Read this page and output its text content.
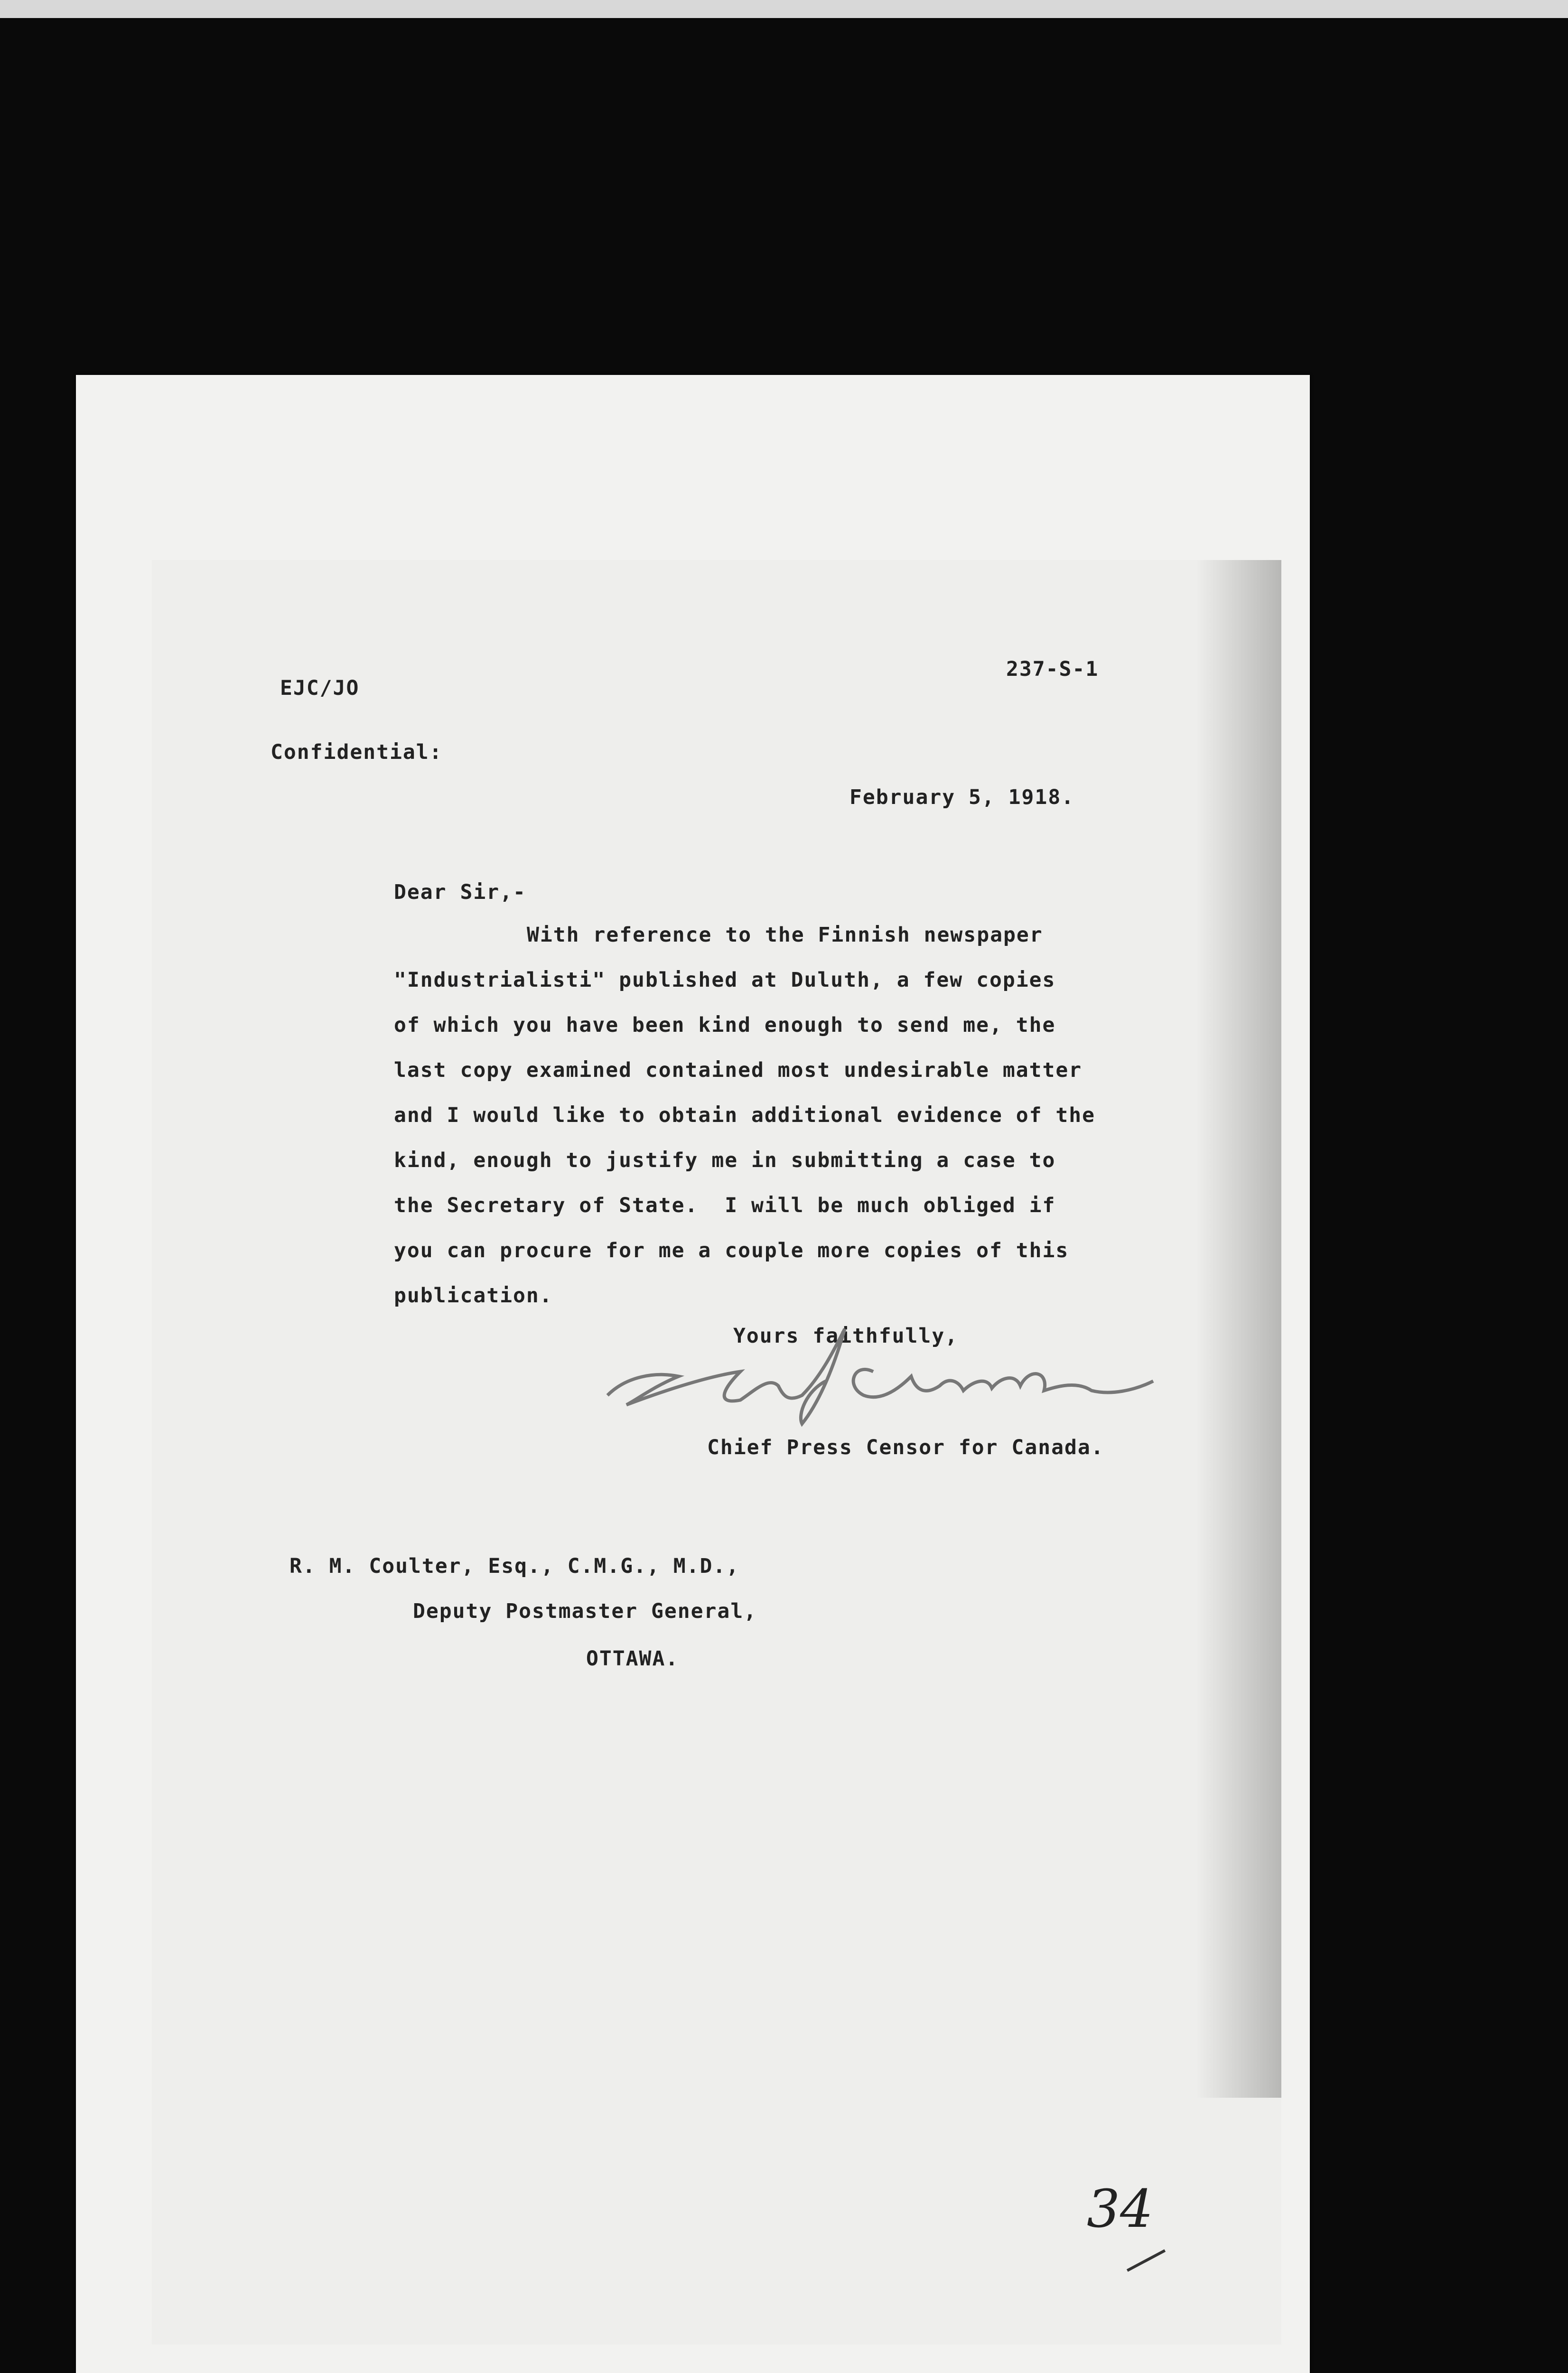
EJC/JO
237-S-1
Confidential:
February 5, 1918.
Dear Sir,-
With reference to the Finnish newspaper
"Industrialisti" published at Duluth, a few copies
of which you have been kind enough to send me, the
last copy examined contained most undesirable matter
and I would like to obtain additional evidence of the
kind, enough to justify me in submitting a case to
the Secretary of State.  I will be much obliged if
you can procure for me a couple more copies of this
publication.
Yours faithfully,
Chief Press Censor for Canada.
R. M. Coulter, Esq., C.M.G., M.D.,
Deputy Postmaster General,
OTTAWA.
34
